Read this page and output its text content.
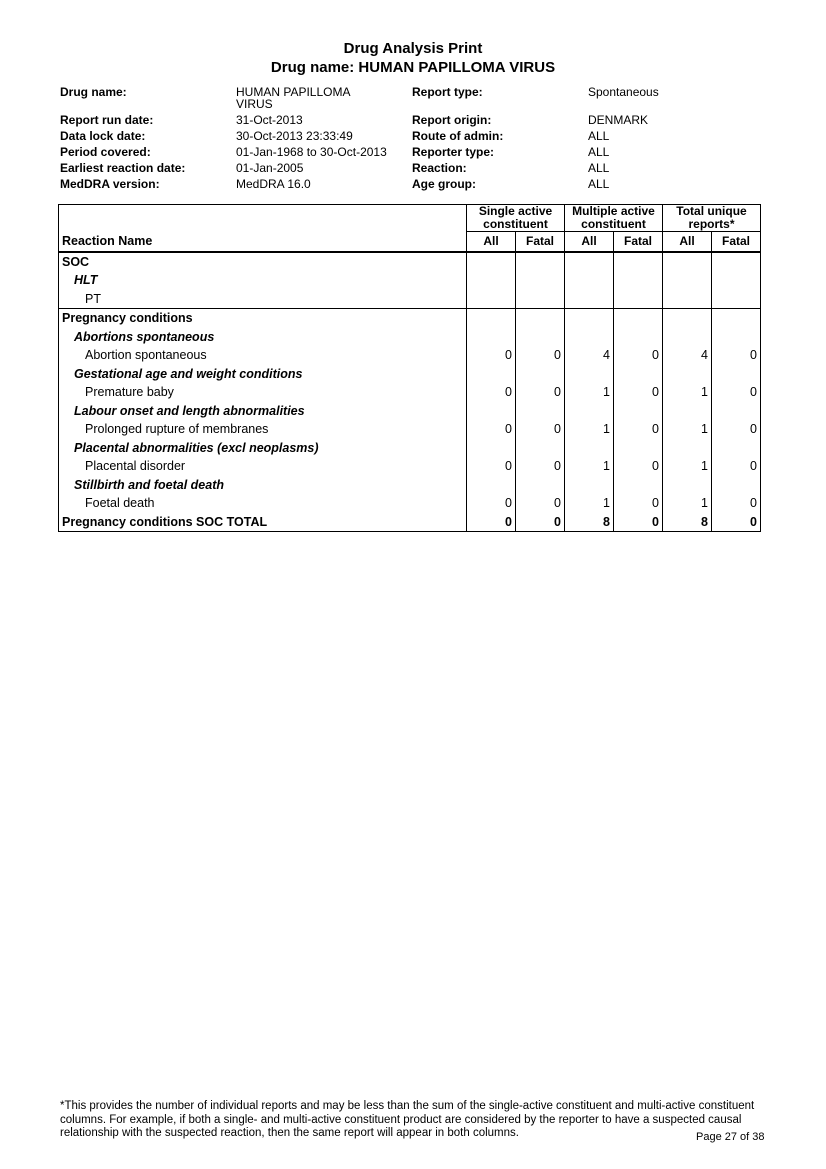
Drug Analysis Print
Drug name: HUMAN PAPILLOMA VIRUS
Drug name:	HUMAN PAPILLOMA
VIRUS
Report run date:	31-Oct-2013
Data lock date:	30-Oct-2013 23:33:49
Period covered:	01-Jan-1968 to 30-Oct-2013
Earliest reaction date:	01-Jan-2005
MedDRA version:	MedDRA 16.0
Report type:	Spontaneous
Report origin:	DENMARK
Route of admin:	ALL
Reporter type:	ALL
Reaction:	ALL
Age group:	ALL
	Single active
constituent		Multiple active
constituent		Total unique
reports*	
Reaction Name	All	Fatal	All	Fatal	All	Fatal
SOC						
HLT						
PT						
Pregnancy conditions						
Abortions spontaneous						
Abortion spontaneous	0	0	4	0	4	0
Gestational age and weight conditions						
Premature baby	0	0	1	0	1	0
Labour onset and length abnormalities						
Prolonged rupture of membranes	0	0	1	0	1	0
Placental abnormalities (excl neoplasms)						
Placental disorder	0	0	1	0	1	0
Stillbirth and foetal death						
Foetal death	0	0	1	0	1	0
Pregnancy conditions SOC TOTAL	0	0	8	0	8	0
*This provides the number of individual reports and may be less than the sum of the single-active constituent and multi-active constituent columns. For example, if both a single- and multi-active constituent product are considered by the reporter to have a suspected causal relationship with the suspected reaction, then the same report will appear in both columns.	Page 27 of 38
